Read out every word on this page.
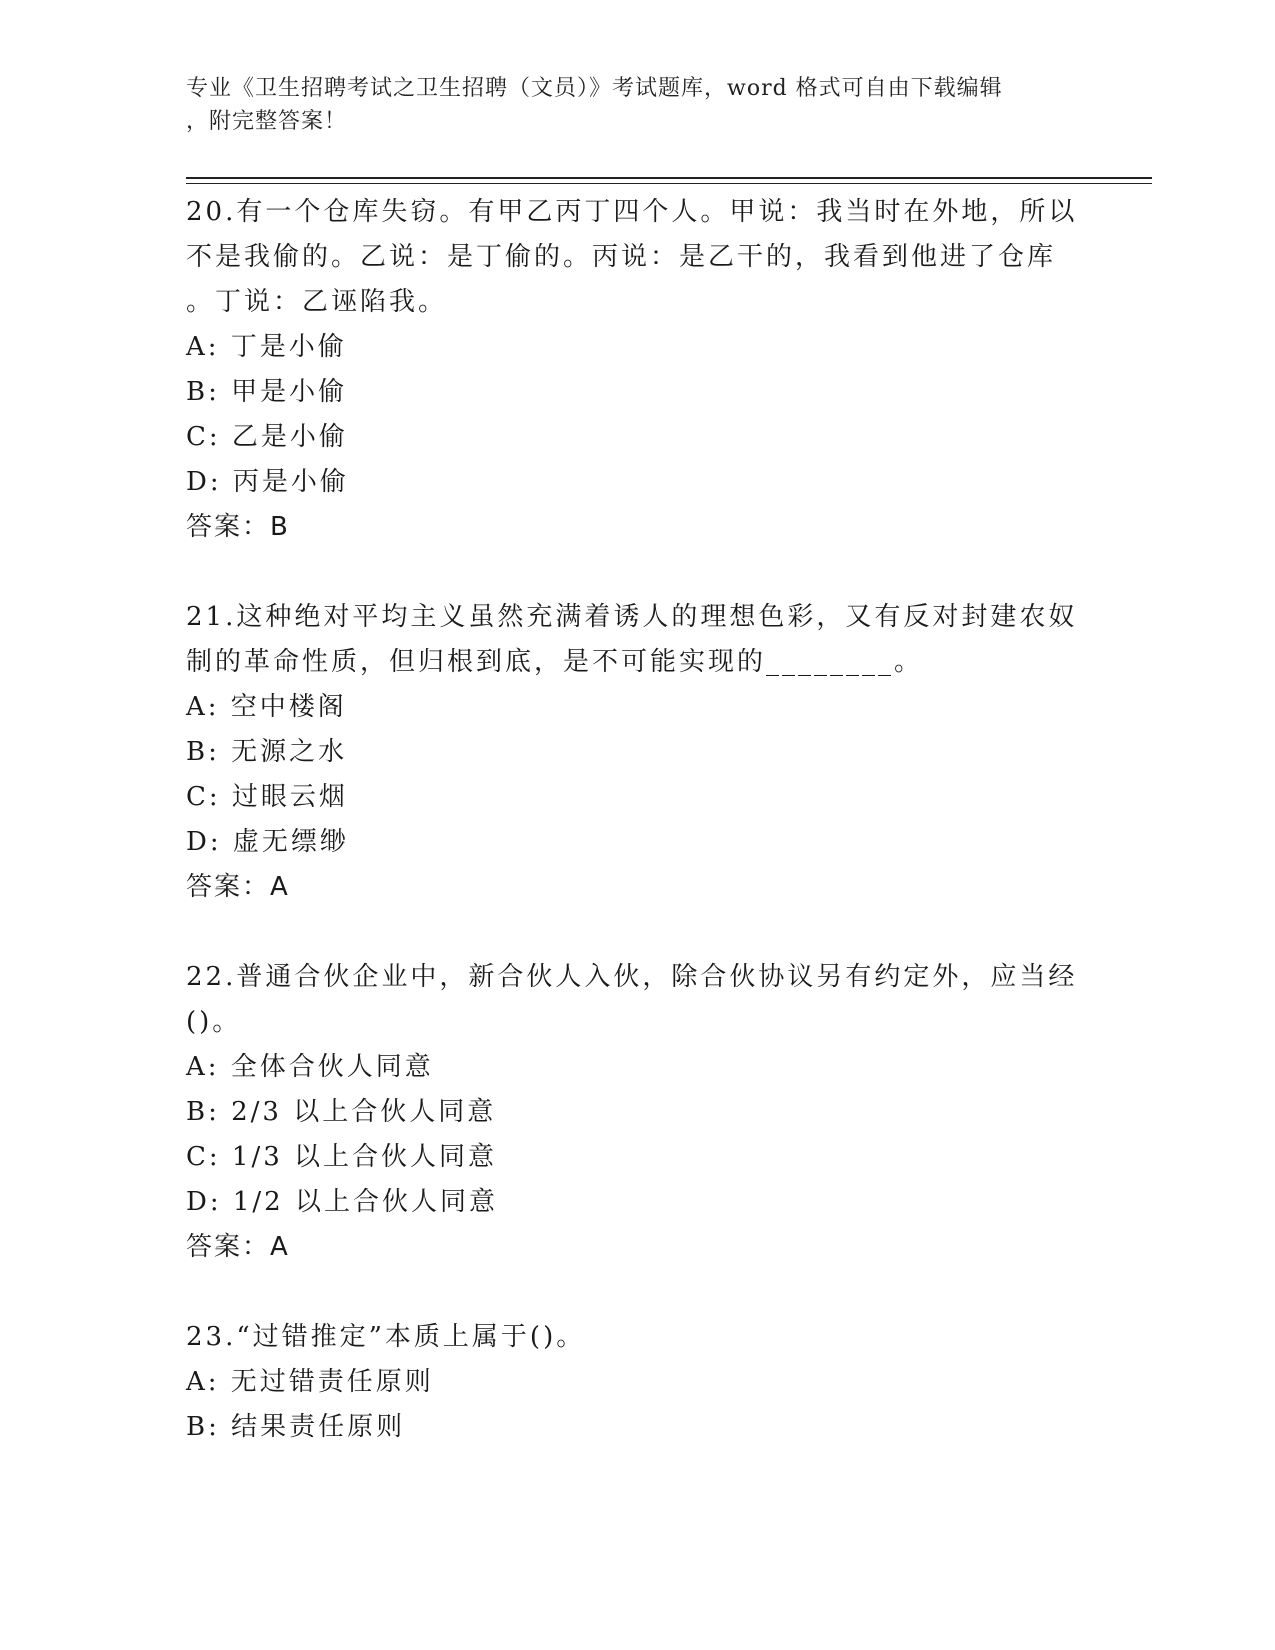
专业《卫生招聘考试之卫生招聘（文员）》考试题库，word 格式可自由下载编辑
，附完整答案！

20.有一个仓库失窃。有甲乙丙丁四个人。甲说：我当时在外地，所以

不是我偷的。乙说：是丁偷的。丙说：是乙干的，我看到他进了仓库

。丁说：乙诬陷我。

A: 丁是小偷

B: 甲是小偷

C: 乙是小偷

D: 丙是小偷

答案：B

21.这种绝对平均主义虽然充满着诱人的理想色彩，又有反对封建农奴

制的革命性质，但归根到底，是不可能实现的________。

A: 空中楼阁

B: 无源之水

C: 过眼云烟

D: 虚无缥缈

答案：A

22.普通合伙企业中，新合伙人入伙，除合伙协议另有约定外，应当经

()。

A: 全体合伙人同意

B: 2/3 以上合伙人同意

C: 1/3 以上合伙人同意

D: 1/2 以上合伙人同意

答案：A

23.“过错推定”本质上属于()。

A: 无过错责任原则

B: 结果责任原则
